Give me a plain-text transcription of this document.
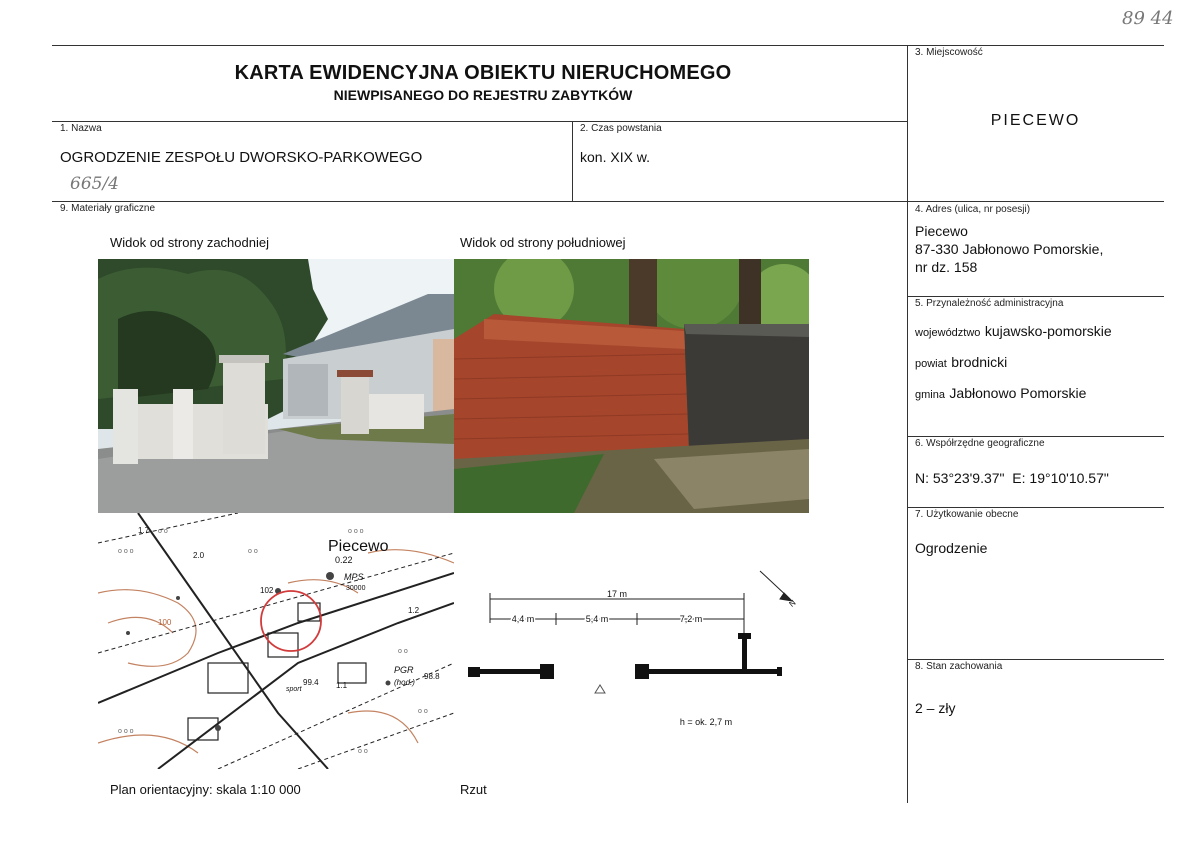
89 44
KARTA EWIDENCYJNA OBIEKTU NIERUCHOMEGO
NIEWPISANEGO DO REJESTRU ZABYTKÓW
1. Nazwa
OGRODZENIE ZESPOŁU DWORSKO-PARKOWEGO
665/4
2. Czas powstania
kon. XIX w.
3. Miejscowość
PIECEWO
4. Adres (ulica, nr posesji)
Piecewo
87-330 Jabłonowo Pomorskie,
nr dz. 158
5. Przynależność administracyjna
województwo kujawsko-pomorskie
powiat brodnicki
gmina Jabłonowo Pomorskie
6. Współrzędne geograficzne
N: 53°23'9.37"  E: 19°10'10.57"
7. Użytkowanie obecne
Ogrodzenie
8. Stan zachowania
2 – zły
9. Materiały graficzne
Widok od strony zachodniej	Widok od strony południowej
Plan orientacyjny: skala 1:10 000	Rzut
o o o
o o	o o o
o o
o o o
o o
o o
o o
Piecewo
0.22
MPS
30000
PGR
(hod.)
99.4
98.8
102
100
2.0
1.7
1.1
1.2
sport
17 m
4,4 m	5,4 m	7,2 m
N
h = ok. 2,7 m
